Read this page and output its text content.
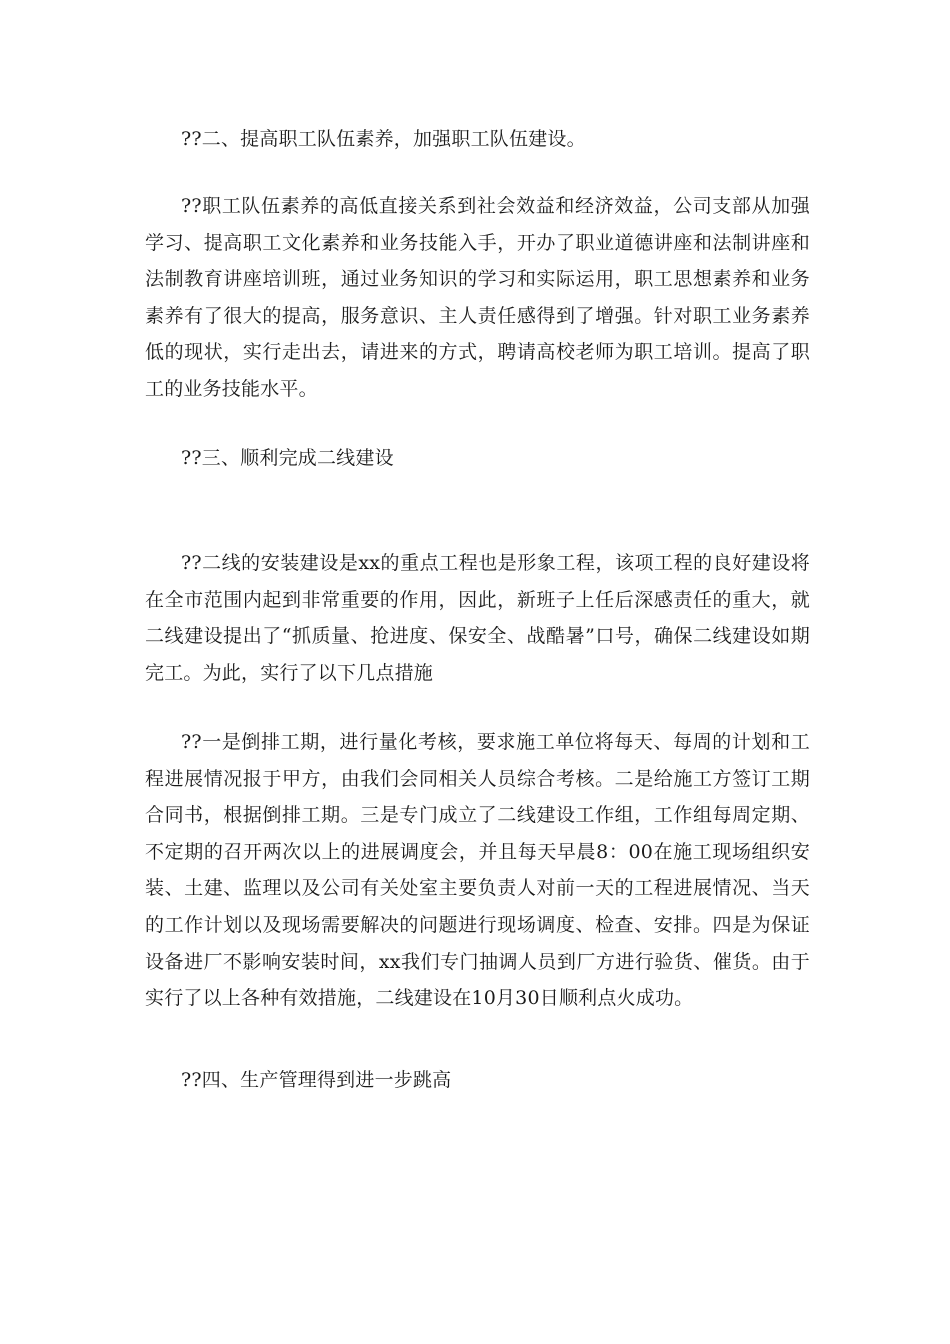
??二、提高职工队伍素养，加强职工队伍建设。

??职工队伍素养的高低直接关系到社会效益和经济效益，公司支部从加强学习、提高职工文化素养和业务技能入手，开办了职业道德讲座和法制讲座和法制教育讲座培训班，通过业务知识的学习和实际运用，职工思想素养和业务素养有了很大的提高，服务意识、主人责任感得到了增强。针对职工业务素养低的现状，实行走出去，请进来的方式，聘请高校老师为职工培训。提高了职工的业务技能水平。

??三、顺利完成二线建设

??二线的安装建设是xx的重点工程也是形象工程，该项工程的良好建设将在全市范围内起到非常重要的作用，因此，新班子上任后深感责任的重大，就二线建设提出了“抓质量、抢进度、保安全、战酷暑”口号，确保二线建设如期完工。为此，实行了以下几点措施

??一是倒排工期，进行量化考核，要求施工单位将每天、每周的计划和工程进展情况报于甲方，由我们会同相关人员综合考核。二是给施工方签订工期合同书，根据倒排工期。三是专门成立了二线建设工作组，工作组每周定期、不定期的召开两次以上的进展调度会，并且每天早晨8：00在施工现场组织安装、土建、监理以及公司有关处室主要负责人对前一天的工程进展情况、当天的工作计划以及现场需要解决的问题进行现场调度、检查、安排。四是为保证设备进厂不影响安装时间，xx我们专门抽调人员到厂方进行验货、催货。由于实行了以上各种有效措施，二线建设在10月30日顺利点火成功。

??四、生产管理得到进一步跳高
